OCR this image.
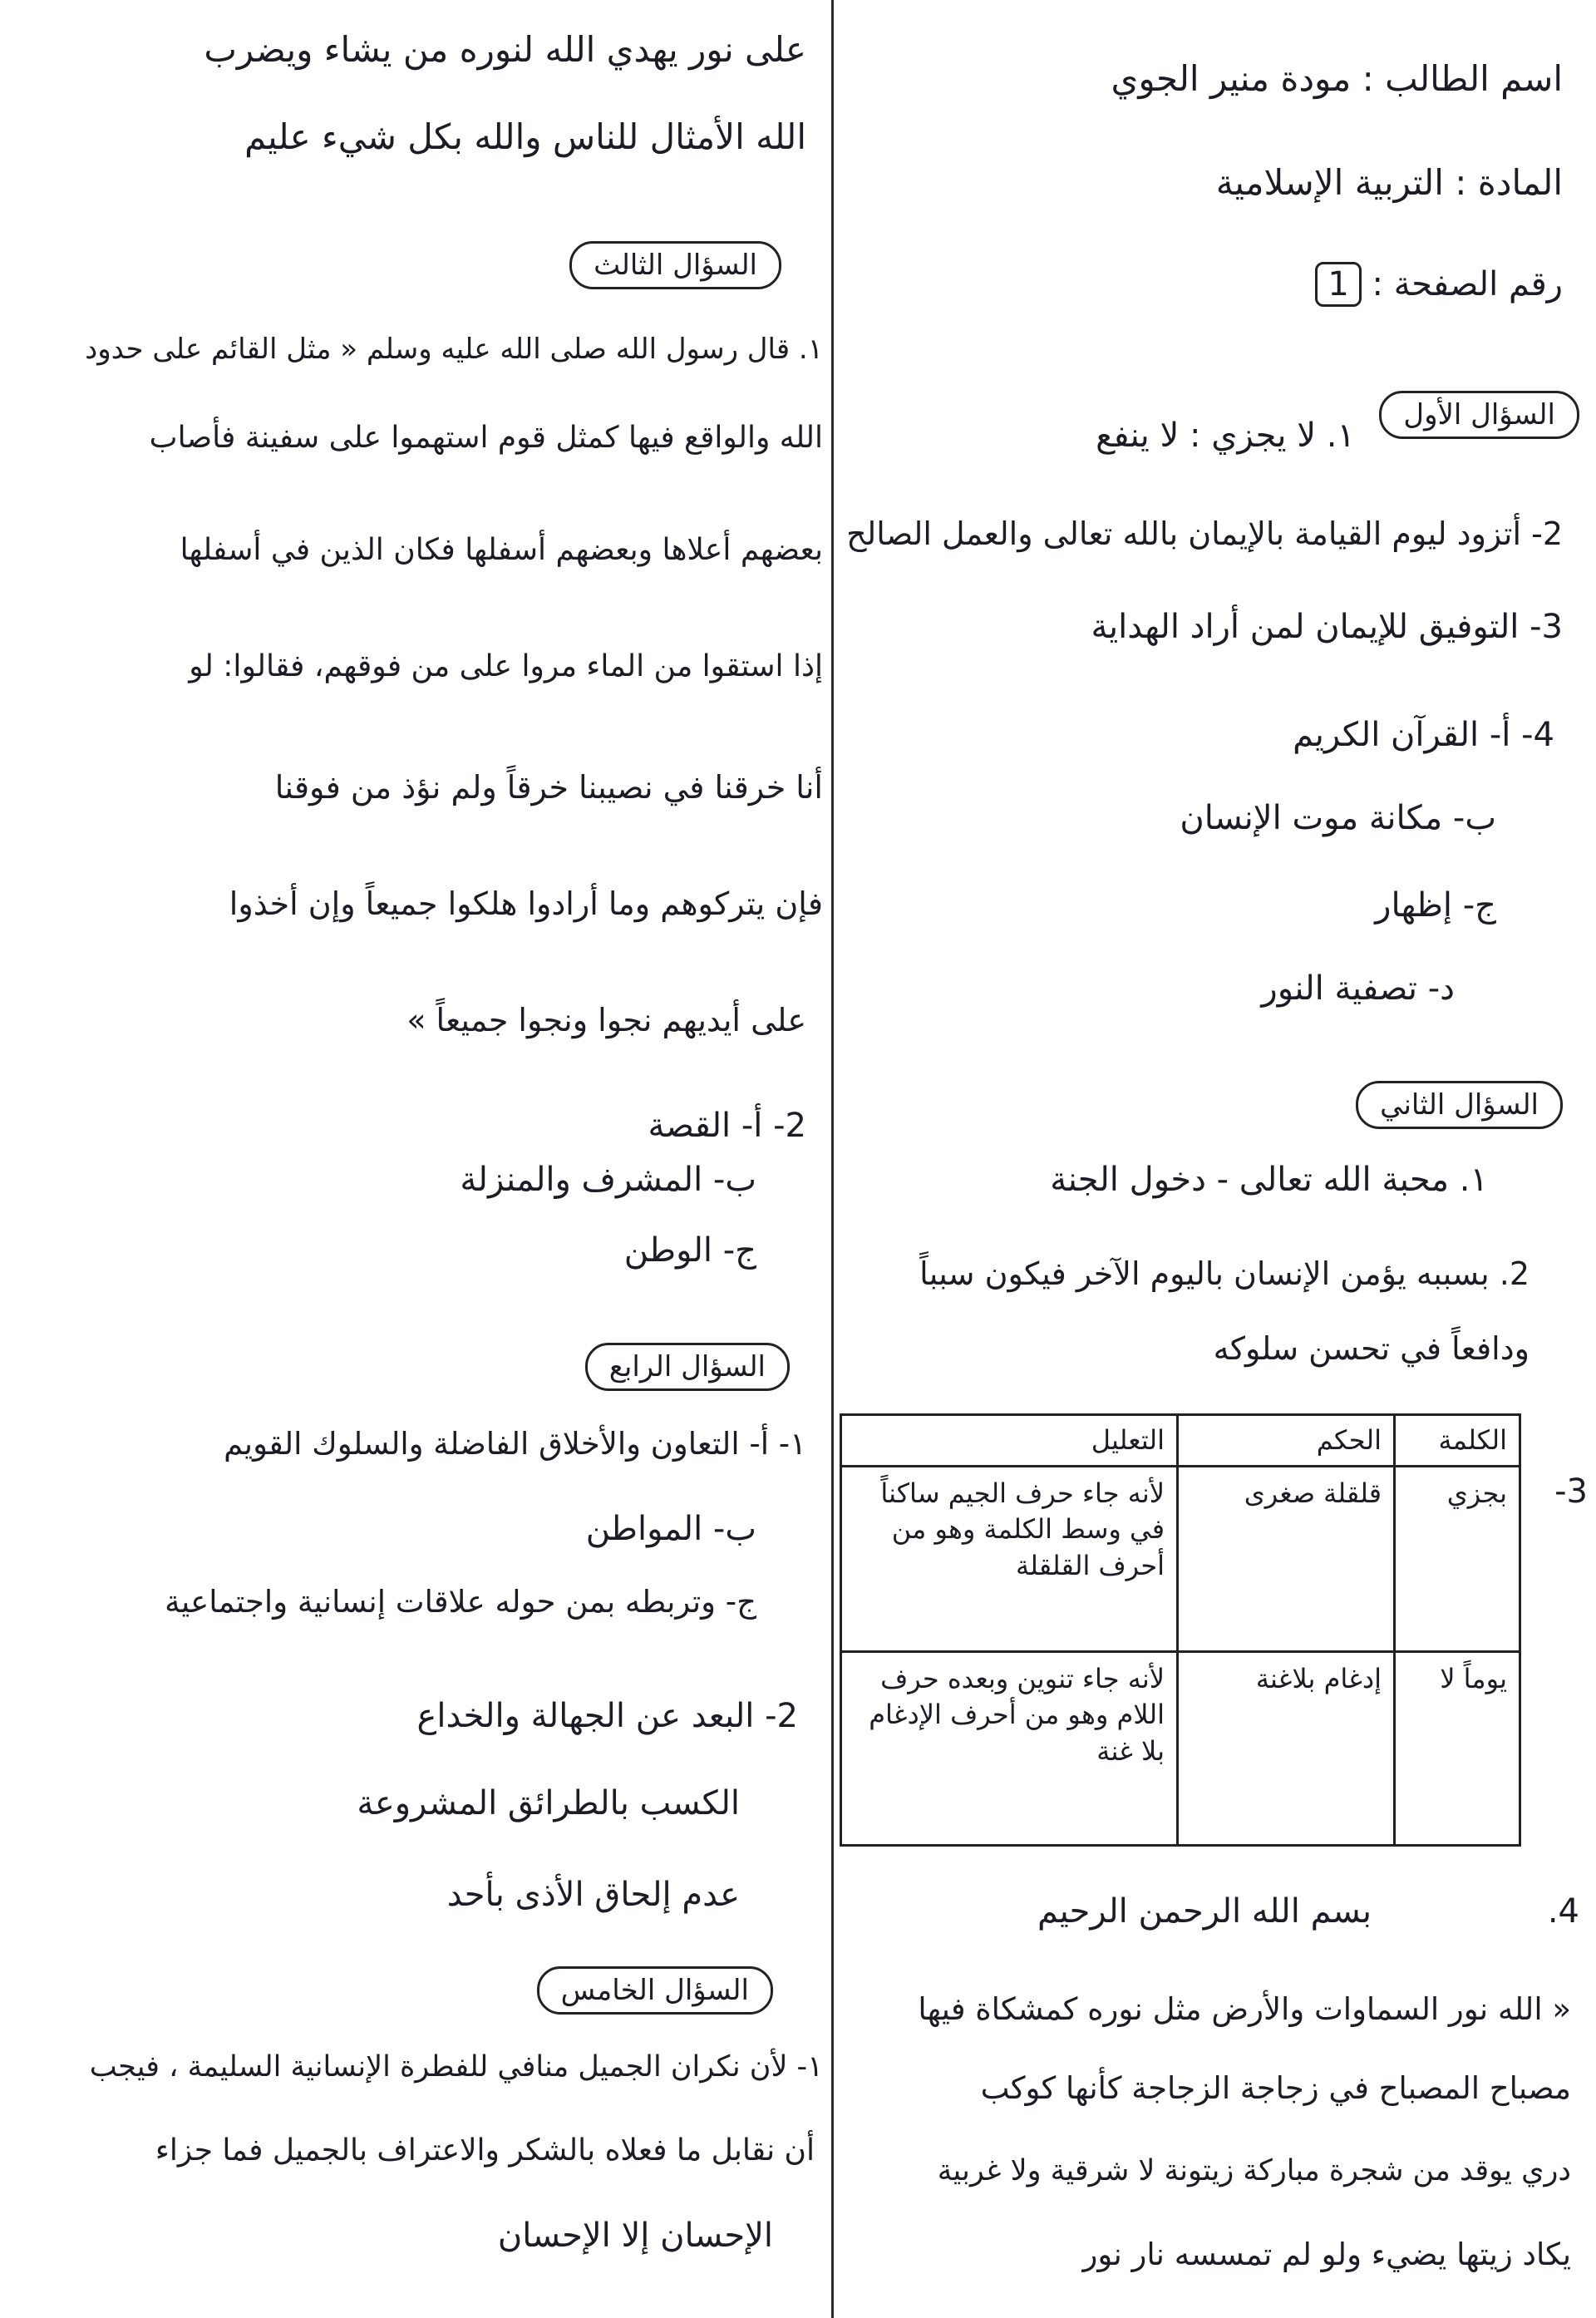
اسم الطالب : مودة منير الجوي
المادة : التربية الإسلامية
رقم الصفحة : 1
السؤال الأول
١. لا يجزي : لا ينفع
2- أتزود ليوم القيامة بالإيمان بالله تعالى والعمل الصالح
3- التوفيق للإيمان لمن أراد الهداية
4- أ- القرآن الكريم
ب- مكانة موت الإنسان
ج- إظهار
د- تصفية النور
السؤال الثاني
١. محبة الله تعالى - دخول الجنة
2. بسببه يؤمن الإنسان باليوم الآخر فيكون سبباً
ودافعاً في تحسن سلوكه
3-
الكلمة	الحكم	التعليل
بجزي	قلقلة صغرى	لأنه جاء حرف الجيم ساكناً في وسط الكلمة وهو من أحرف القلقلة
يوماً لا	إدغام بلاغنة	لأنه جاء تنوين وبعده حرف اللام وهو من أحرف الإدغام بلا غنة
4.
بسم الله الرحمن الرحيم
« الله نور السماوات والأرض مثل نوره كمشكاة فيها
مصباح المصباح في زجاجة الزجاجة كأنها كوكب
دري يوقد من شجرة مباركة زيتونة لا شرقية ولا غربية
يكاد زيتها يضيء ولو لم تمسسه نار نور
على نور يهدي الله لنوره من يشاء ويضرب
الله الأمثال للناس والله بكل شيء عليم
السؤال الثالث
١. قال رسول الله صلى الله عليه وسلم « مثل القائم على حدود
الله والواقع فيها كمثل قوم استهموا على سفينة فأصاب
بعضهم أعلاها وبعضهم أسفلها فكان الذين في أسفلها
إذا استقوا من الماء مروا على من فوقهم، فقالوا: لو
أنا خرقنا في نصيبنا خرقاً ولم نؤذ من فوقنا
فإن يتركوهم وما أرادوا هلكوا جميعاً وإن أخذوا
على أيديهم نجوا ونجوا جميعاً »
2- أ- القصة
ب- المشرف والمنزلة
ج- الوطن
السؤال الرابع
١- أ- التعاون والأخلاق الفاضلة والسلوك القويم
ب- المواطن
ج- وتربطه بمن حوله علاقات إنسانية واجتماعية
2- البعد عن الجهالة والخداع
الكسب بالطرائق المشروعة
عدم إلحاق الأذى بأحد
السؤال الخامس
١- لأن نكران الجميل منافي للفطرة الإنسانية السليمة ، فيجب
أن نقابل ما فعلاه بالشكر والاعتراف بالجميل فما جزاء
الإحسان إلا الإحسان
